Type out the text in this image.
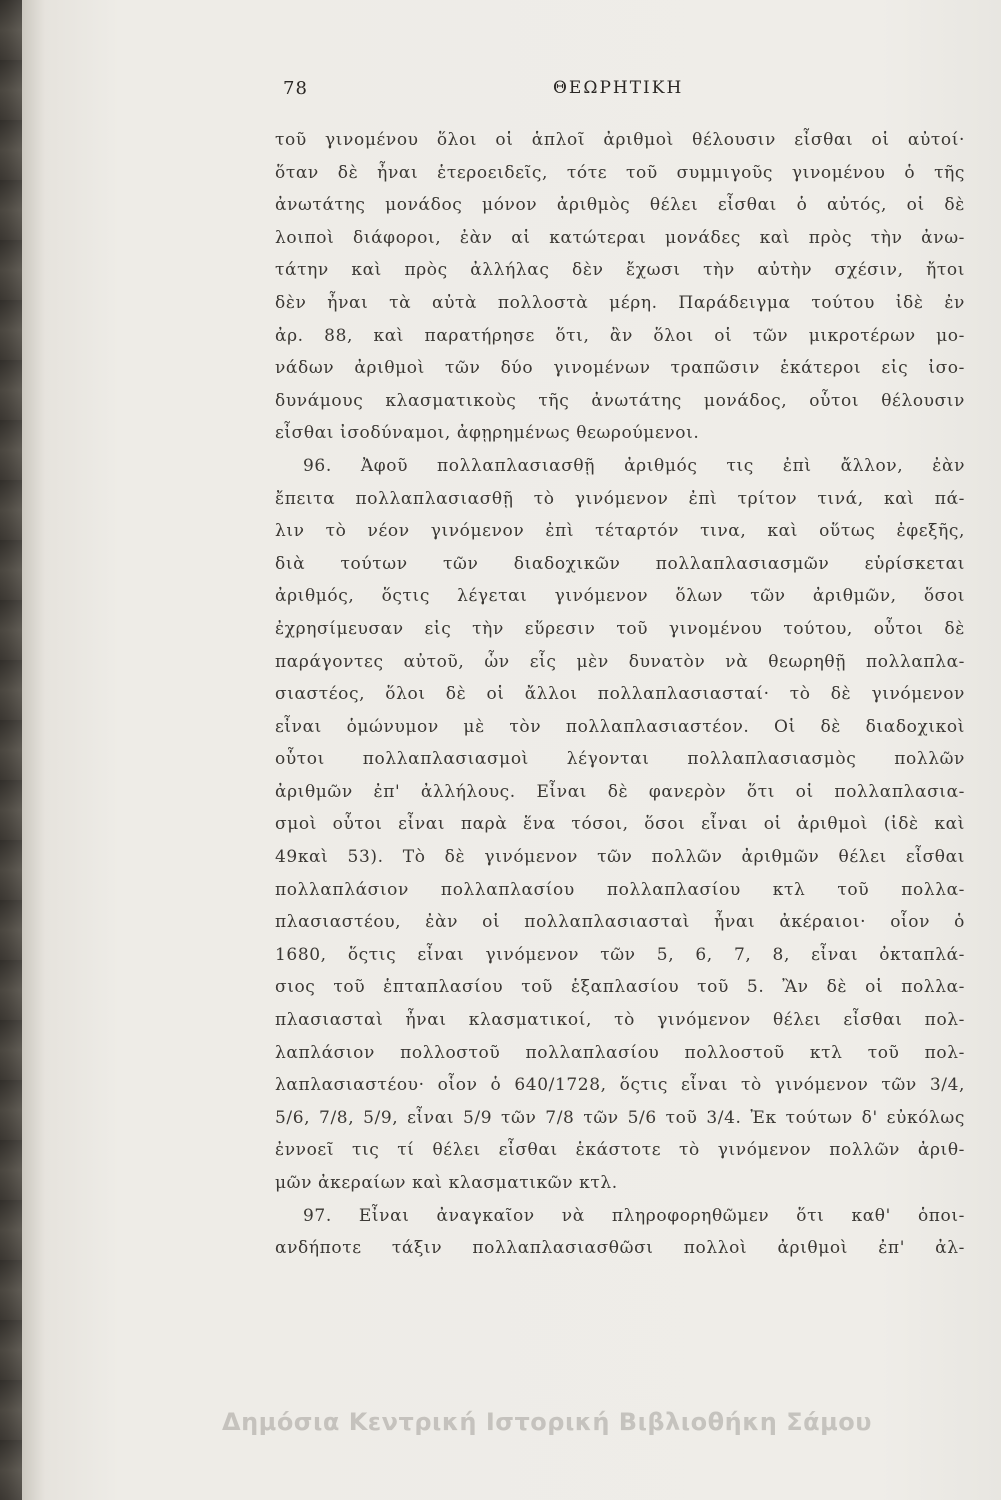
78	ΘΕΩΡΗΤΙΚΗ
τοῦ γινομένου ὅλοι οἱ ἁπλοῖ ἀριθμοὶ θέλουσιν εἶσθαι οἱ αὐτοί·
ὅταν δὲ ἦναι ἑτεροειδεῖς, τότε τοῦ συμμιγοῦς γινομένου ὁ τῆς
ἀνωτάτης μονάδος μόνον ἀριθμὸς θέλει εἶσθαι ὁ αὐτός, οἱ δὲ
λοιποὶ διάφοροι, ἐὰν αἱ κατώτεραι μονάδες καὶ πρὸς τὴν ἀνω-
τάτην καὶ πρὸς ἀλλήλας δὲν ἔχωσι τὴν αὐτὴν σχέσιν, ἤτοι
δὲν ἦναι τὰ αὐτὰ πολλοστὰ μέρη. Παράδειγμα τούτου ἰδὲ ἐν
ἀρ. 88, καὶ παρατήρησε ὅτι, ἂν ὅλοι οἱ τῶν μικροτέρων μο-
νάδων ἀριθμοὶ τῶν δύο γινομένων τραπῶσιν ἑκάτεροι εἰς ἰσο-
δυνάμους κλασματικοὺς τῆς ἀνωτάτης μονάδος, οὗτοι θέλουσιν
εἶσθαι ἰσοδύναμοι, ἀφῃρημένως θεωρούμενοι.
96. Ἀφοῦ πολλαπλασιασθῇ ἀριθμός τις ἐπὶ ἄλλον, ἐὰν
ἔπειτα πολλαπλασιασθῇ τὸ γινόμενον ἐπὶ τρίτον τινά, καὶ πά-
λιν τὸ νέον γινόμενον ἐπὶ τέταρτόν τινα, καὶ οὕτως ἐφεξῆς,
διὰ τούτων τῶν διαδοχικῶν πολλαπλασιασμῶν εὑρίσκεται
ἀριθμός, ὅςτις λέγεται γινόμενον ὅλων τῶν ἀριθμῶν, ὅσοι
ἐχρησίμευσαν εἰς τὴν εὕρεσιν τοῦ γινομένου τούτου, οὗτοι δὲ
παράγοντες αὐτοῦ, ὧν εἷς μὲν δυνατὸν νὰ θεωρηθῇ πολλαπλα-
σιαστέος, ὅλοι δὲ οἱ ἄλλοι πολλαπλασιασταί· τὸ δὲ γινόμενον
εἶναι ὁμώνυμον μὲ τὸν πολλαπλασιαστέον. Οἱ δὲ διαδοχικοὶ
οὗτοι πολλαπλασιασμοὶ λέγονται πολλαπλασιασμὸς πολλῶν
ἀριθμῶν ἐπ' ἀλλήλους. Εἶναι δὲ φανερὸν ὅτι οἱ πολλαπλασια-
σμοὶ οὗτοι εἶναι παρὰ ἕνα τόσοι, ὅσοι εἶναι οἱ ἀριθμοὶ (ἰδὲ καὶ
49καὶ 53). Τὸ δὲ γινόμενον τῶν πολλῶν ἀριθμῶν θέλει εἶσθαι
πολλαπλάσιον πολλαπλασίου πολλαπλασίου κτλ τοῦ πολλα-
πλασιαστέου, ἐὰν οἱ πολλαπλασιασταὶ ἦναι ἀκέραιοι· οἷον ὁ
1680, ὅςτις εἶναι γινόμενον τῶν 5, 6, 7, 8, εἶναι ὀκταπλά-
σιος τοῦ ἑπταπλασίου τοῦ ἑξαπλασίου τοῦ 5. Ἂν δὲ οἱ πολλα-
πλασιασταὶ ἦναι κλασματικοί, τὸ γινόμενον θέλει εἶσθαι πολ-
λαπλάσιον πολλοστοῦ πολλαπλασίου πολλοστοῦ κτλ τοῦ πολ-
λαπλασιαστέου· οἷον ὁ 640/1728, ὅςτις εἶναι τὸ γινόμενον τῶν 3/4,
5/6, 7/8, 5/9, εἶναι 5/9 τῶν 7/8 τῶν 5/6 τοῦ 3/4. Ἐκ τούτων δ' εὐκόλως
ἐννοεῖ τις τί θέλει εἶσθαι ἑκάστοτε τὸ γινόμενον πολλῶν ἀριθ-
μῶν ἀκεραίων καὶ κλασματικῶν κτλ.
97. Εἶναι ἀναγκαῖον νὰ πληροφορηθῶμεν ὅτι καθ' ὁποι-
ανδήποτε τάξιν πολλαπλασιασθῶσι πολλοὶ ἀριθμοὶ ἐπ' ἀλ-
Δημόσια Κεντρική Ιστορική Βιβλιοθήκη Σάμου
